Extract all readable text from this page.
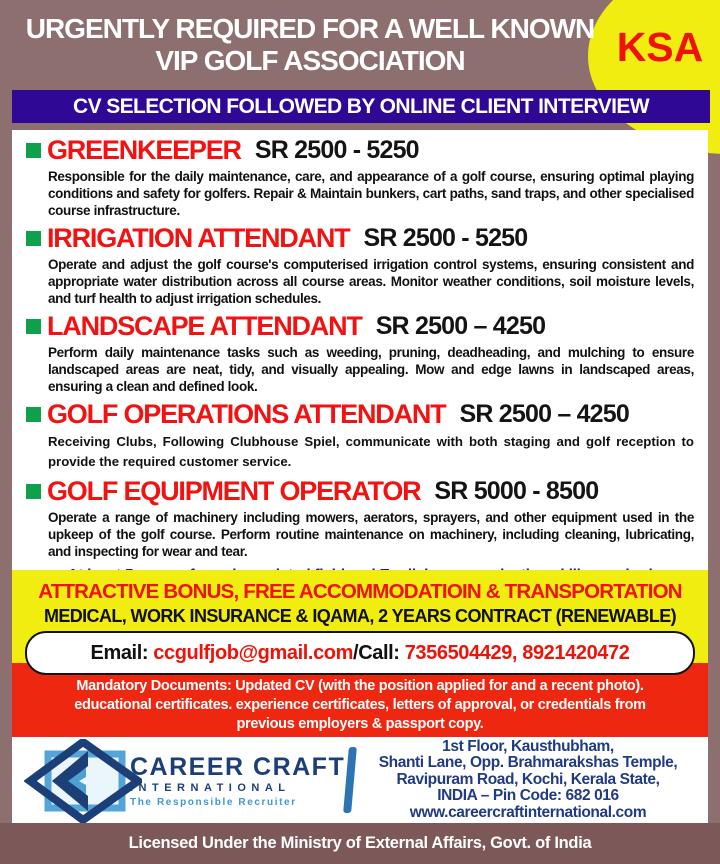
URGENTLY REQUIRED FOR A WELL KNOWN
VIP GOLF ASSOCIATION	KSA
CV SELECTION FOLLOWED BY ONLINE CLIENT INTERVIEW
GREENKEEPER SR 2500 - 5250
Responsible for the daily maintenance, care, and appearance of a golf course, ensuring optimal playing conditions and safety for golfers. Repair & Maintain bunkers, cart paths, sand traps, and other specialised course infrastructure.
IRRIGATION ATTENDANT SR 2500 - 5250
Operate and adjust the golf course's computerised irrigation control systems, ensuring consistent and appropriate water distribution across all course areas. Monitor weather conditions, soil moisture levels, and turf health to adjust irrigation schedules.
LANDSCAPE ATTENDANT SR 2500 – 4250
Perform daily maintenance tasks such as weeding, pruning, deadheading, and mulching to ensure landscaped areas are neat, tidy, and visually appealing. Mow and edge lawns in landscaped areas, ensuring a clean and defined look.
GOLF OPERATIONS ATTENDANT SR 2500 – 4250
Receiving Clubs, Following Clubhouse Spiel, communicate with both staging and golf reception to provide the required customer service.
GOLF EQUIPMENT OPERATOR SR 5000 - 8500
Operate a range of machinery including mowers, aerators, sprayers, and other equipment used in the upkeep of the golf course. Perform routine maintenance on machinery, including cleaning, lubricating, and inspecting for wear and tear.
ATTRACTIVE BONUS, FREE ACCOMMODATIOIN & TRANSPORTATION
MEDICAL, WORK INSURANCE & IQAMA, 2 YEARS CONTRACT (RENEWABLE)
Mandatory Documents: Updated CV (with the position applied for and a recent photo).
educational certificates. experience certificates, letters of approval, or credentials from
previous employers & passport copy.
Email: ccgulfjob@gmail.com / Call: 7356504429, 8921420472
CAREER CRAFT
INTERNATIONAL
The Responsible Recruiter
1st Floor, Kausthubham,
Shanti Lane, Opp. Brahmarakshas Temple,
Ravipuram Road, Kochi, Kerala State,
INDIA – Pin Code: 682 016
www.careercraftinternational.com
Licensed Under the Ministry of External Affairs, Govt. of India
